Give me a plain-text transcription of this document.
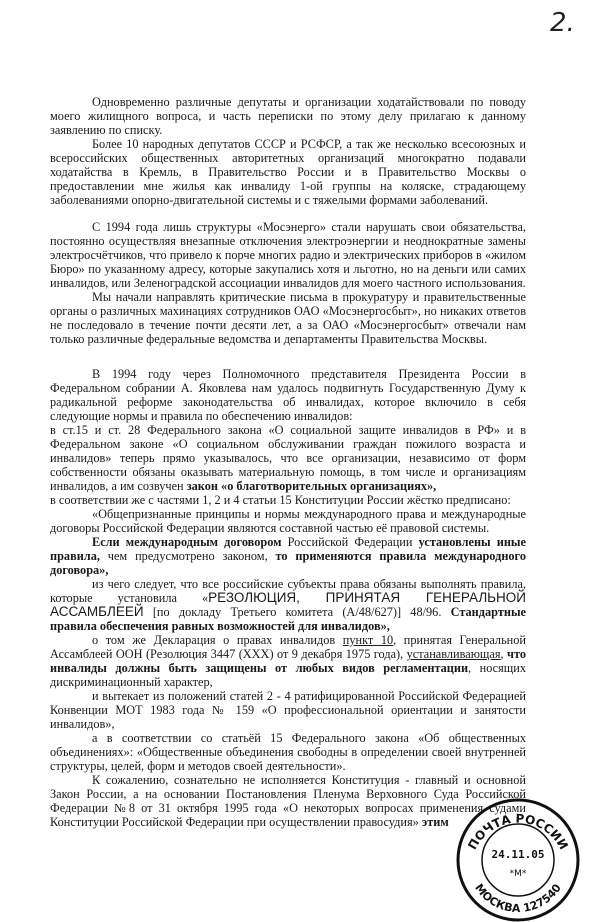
2.

Одновременно различные депутаты и организации ходатайствовали по поводу моего жилищного вопроса, и часть переписки по этому делу прилагаю к данному заявлению по списку.

Более 10 народных депутатов СССР и РСФСР, а так же несколько всесоюзных и всероссийских общественных авторитетных организаций многократно подавали ходатайства в Кремль, в Правительство России и в Правительство Москвы о предоставлении мне жилья как инвалиду 1-ой группы на коляске, страдающему заболеваниями опорно-двигательной системы и с тяжелыми формами заболеваний.

С 1994 года лишь структуры «Мосэнерго» стали нарушать свои обязательства, постоянно осуществляя внезапные отключения электроэнергии и неоднократные замены электросчётчиков, что привело к порче многих радио и электрических приборов в «жилом Бюро» по указанному адресу, которые закупались хотя и льготно, но на деньги или самих инвалидов, или Зеленоградской ассоциации инвалидов для моего частного использования.

Мы начали направлять критические письма в прокуратуру и правительственные органы о различных махинациях сотрудников ОАО «Мосэнергосбыт», но никаких ответов не последовало в течение почти десяти лет, а за ОАО «Мосэнергосбыт» отвечали нам только различные федеральные ведомства и департаменты Правительства Москвы.

В 1994 году через Полномочного представителя Президента России в Федеральном собрании А. Яковлева нам удалось подвигнуть Государственную Думу к радикальной реформе законодательства об инвалидах, которое включило в себя следующие нормы и правила по обеспечению инвалидов:

в ст.15 и ст. 28 Федерального закона «О социальной защите инвалидов в РФ» и в Федеральном законе «О социальном обслуживании граждан пожилого возраста и инвалидов» теперь прямо указывалось, что все организации, независимо от форм собственности обязаны оказывать материальную помощь, в том числе и организациям инвалидов, а им созвучен закон «о благотворительных организациях»,

в соответствии же с частями 1, 2 и 4 статьи 15 Конституции России жёстко предписано:

«Общепризнанные принципы и нормы международного права и международные договоры Российской Федерации являются составной частью её правовой системы.

Если международным договором Российской Федерации установлены иные правила, чем предусмотрено законом, то применяются правила международного договора»,

из чего следует, что все российские субъекты права обязаны выполнять правила, которые установила «РЕЗОЛЮЦИЯ, ПРИНЯТАЯ ГЕНЕРАЛЬНОЙ АССАМБЛЕЕЙ [по докладу Третьего комитета (A/48/627)] 48/96. Стандартные правила обеспечения равных возможностей для инвалидов»,

о том же Декларация о правах инвалидов пункт 10, принятая Генеральной Ассамблеей ООН (Резолюция 3447 (XXX) от 9 декабря 1975 года), устанавливающая, что инвалиды должны быть защищены от любых видов регламентации, носящих дискриминационный характер,

и вытекает из положений статей 2 - 4 ратифицированной Российской Федерацией Конвенции МОТ 1983 года № 159 «О профессиональной ориентации и занятости инвалидов»,

а в соответствии со статьёй 15 Федерального закона «Об общественных объединениях»: «Общественные объединения свободны в определении своей внутренней структуры, целей, форм и методов своей деятельности».

К сожалению, сознательно не исполняется Конституция - главный и основной Закон России, а на основании Постановления Пленума Верховного Суда Российской Федерации №8 от 31 октября 1995 года «О некоторых вопросах применения судами Конституции Российской Федерации при осуществлении правосудия» этим

ПОЧТА РОССИИ
МОСКВА 127540
24.11.05
*М*
